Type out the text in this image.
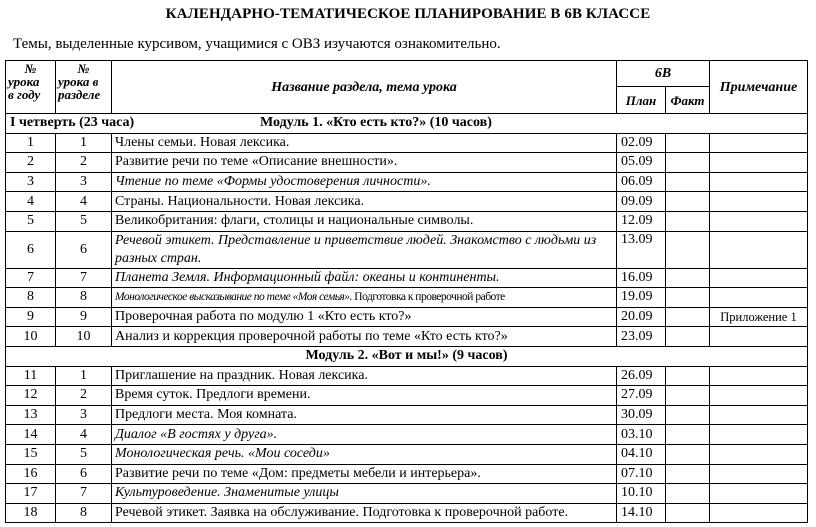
КАЛЕНДАРНО-ТЕМАТИЧЕСКОЕ ПЛАНИРОВАНИЕ В 6В КЛАССЕ
Темы, выделенные курсивом, учащимися с ОВЗ изучаются ознакомительно.
№
урока
в году	№
урока в
разделе	Название раздела, тема урока	6В		Примечание
			План	Факт	
I четверть (23 часа) Модуль 1. «Кто есть кто?» (10 часов)					
1	1	Члены семьи. Новая лексика.	02.09		
2	2	Развитие речи по теме «Описание внешности».	05.09		
3	3	Чтение по теме «Формы удостоверения личности».	06.09		
4	4	Страны. Национальности. Новая лексика.	09.09		
5	5	Великобритания: флаги, столицы и национальные символы.	12.09		
6	6	Речевой этикет. Представление и приветствие людей. Знакомство с людьми из разных стран.	13.09		
7	7	Планета Земля. Информационный файл: океаны и континенты.	16.09		
8	8	Монологическое высказывание по теме «Моя семья». Подготовка к проверочной работе	19.09		
9	9	Проверочная работа по модулю 1 «Кто есть кто?»	20.09		Приложение 1
10	10	Анализ и коррекция проверочной работы по теме «Кто есть кто?»	23.09		
Модуль 2. «Вот и мы!» (9 часов)					
11	1	Приглашение на праздник. Новая лексика.	26.09		
12	2	Время суток. Предлоги времени.	27.09		
13	3	Предлоги места. Моя комната.	30.09		
14	4	Диалог «В гостях у друга».	03.10		
15	5	Монологическая речь. «Мои соседи»	04.10		
16	6	Развитие речи по теме «Дом: предметы мебели и интерьера».	07.10		
17	7	Культуроведение. Знаменитые улицы	10.10		
18	8	Речевой этикет. Заявка на обслуживание. Подготовка к проверочной работе.	14.10		
